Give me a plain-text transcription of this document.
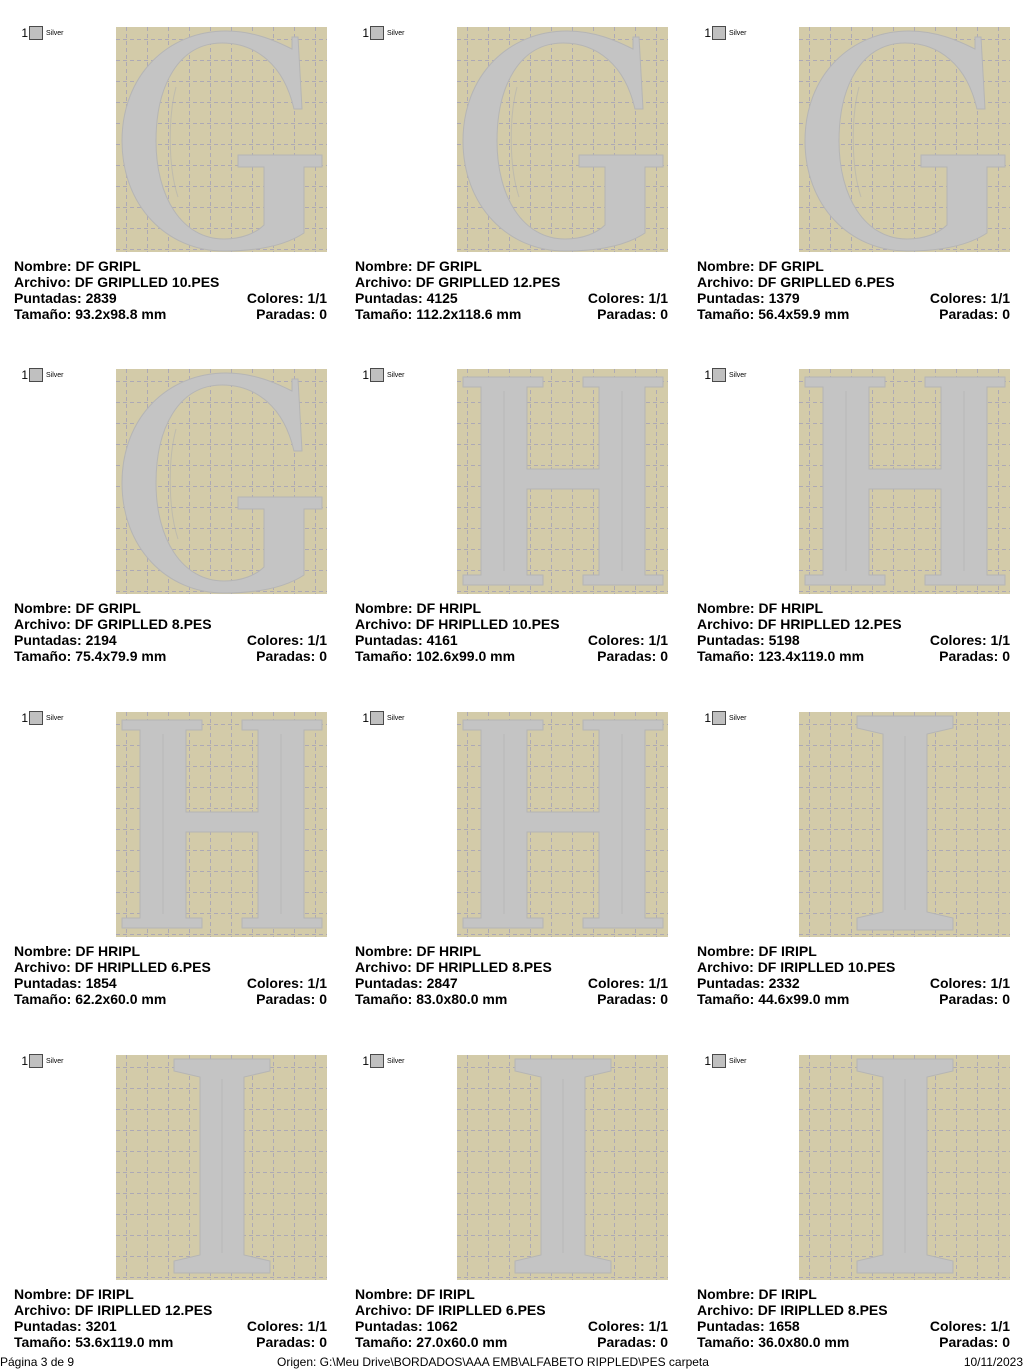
1	Silver
Nombre: DF GRIPL
Archivo: DF GRIPLLED 10.PES
Puntadas: 2839	Colores: 1/1
Tamaño: 93.2x98.8 mm	Paradas: 0
1	Silver
Nombre: DF GRIPL
Archivo: DF GRIPLLED 12.PES
Puntadas: 4125	Colores: 1/1
Tamaño: 112.2x118.6 mm	Paradas: 0
1	Silver
Nombre: DF GRIPL
Archivo: DF GRIPLLED 6.PES
Puntadas: 1379	Colores: 1/1
Tamaño: 56.4x59.9 mm	Paradas: 0
1	Silver
Nombre: DF GRIPL
Archivo: DF GRIPLLED 8.PES
Puntadas: 2194	Colores: 1/1
Tamaño: 75.4x79.9 mm	Paradas: 0
1	Silver
Nombre: DF HRIPL
Archivo: DF HRIPLLED 10.PES
Puntadas: 4161	Colores: 1/1
Tamaño: 102.6x99.0 mm	Paradas: 0
1	Silver
Nombre: DF HRIPL
Archivo: DF HRIPLLED 12.PES
Puntadas: 5198	Colores: 1/1
Tamaño: 123.4x119.0 mm	Paradas: 0
1	Silver
Nombre: DF HRIPL
Archivo: DF HRIPLLED 6.PES
Puntadas: 1854	Colores: 1/1
Tamaño: 62.2x60.0 mm	Paradas: 0
1	Silver
Nombre: DF HRIPL
Archivo: DF HRIPLLED 8.PES
Puntadas: 2847	Colores: 1/1
Tamaño: 83.0x80.0 mm	Paradas: 0
1	Silver
Nombre: DF IRIPL
Archivo: DF IRIPLLED 10.PES
Puntadas: 2332	Colores: 1/1
Tamaño: 44.6x99.0 mm	Paradas: 0
1	Silver
Nombre: DF IRIPL
Archivo: DF IRIPLLED 12.PES
Puntadas: 3201	Colores: 1/1
Tamaño: 53.6x119.0 mm	Paradas: 0
1	Silver
Nombre: DF IRIPL
Archivo: DF IRIPLLED 6.PES
Puntadas: 1062	Colores: 1/1
Tamaño: 27.0x60.0 mm	Paradas: 0
1	Silver
Nombre: DF IRIPL
Archivo: DF IRIPLLED 8.PES
Puntadas: 1658	Colores: 1/1
Tamaño: 36.0x80.0 mm	Paradas: 0
Página 3 de 9	Origen: G:\Meu Drive\BORDADOS\AAA EMB\ALFABETO RIPPLED\PES carpeta	10/11/2023
